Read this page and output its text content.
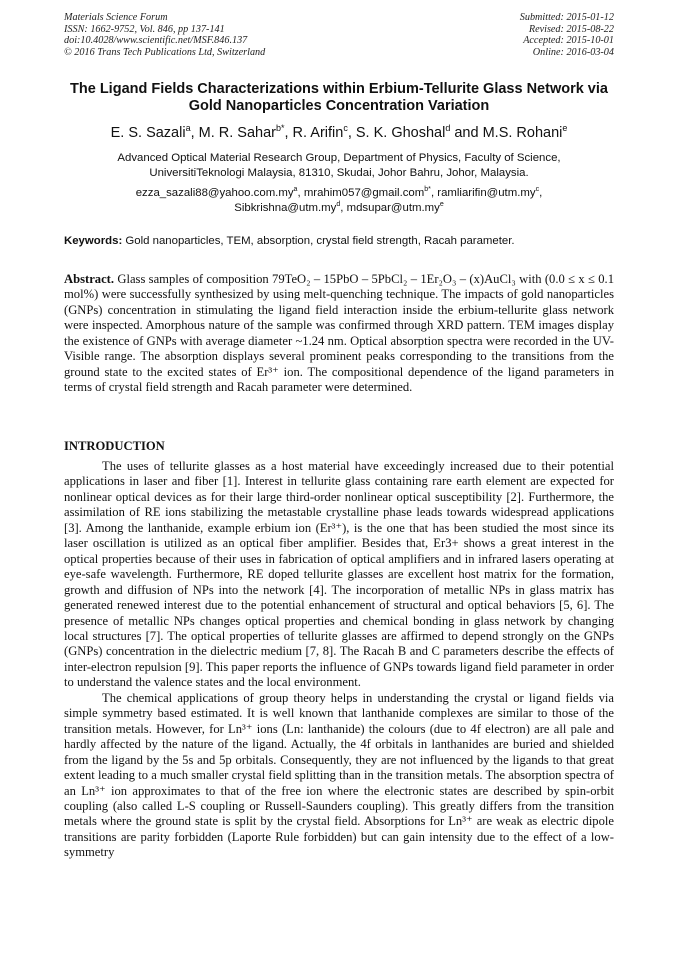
Materials Science Forum
ISSN: 1662-9752, Vol. 846, pp 137-141
doi:10.4028/www.scientific.net/MSF.846.137
© 2016 Trans Tech Publications Ltd, Switzerland
Submitted: 2015-01-12
Revised: 2015-08-22
Accepted: 2015-10-01
Online: 2016-03-04
The Ligand Fields Characterizations within Erbium-Tellurite Glass Network via Gold Nanoparticles Concentration Variation
E. S. Sazali$^a$, M. R. Sahar$^{b*}$, R. Arifin$^c$, S. K. Ghoshal$^d$ and M.S. Rohani$^e$
Advanced Optical Material Research Group, Department of Physics, Faculty of Science,
UniversitiTeknologi Malaysia, 81310, Skudai, Johor Bahru, Johor, Malaysia.
$ezza\_sazali88@yahoo.com.my^a$, mrahim057@gmail.com$^{b*}$, $ramliarifin@utm.my^c$,
$Sibkrishna@utm.my^d$, $mdsupar@utm.my^e$
Keywords: Gold nanoparticles, TEM, absorption, crystal field strength, Racah parameter.
Abstract. Glass samples of composition 79TeO₂ – 15PbO – 5PbCl₂ – 1Er₂O₃ – (x)AuCl₃ with (0.0 ≤ x ≤ 0.1 mol%) were successfully synthesized by using melt-quenching technique. The impacts of gold nanoparticles (GNPs) concentration in stimulating the ligand field interaction inside the erbium-tellurite glass network were inspected. Amorphous nature of the sample was confirmed through XRD pattern. TEM images display the existence of GNPs with average diameter ~1.24 nm. Optical absorption spectra were recorded in the UV-Visible range. The absorption displays several prominent peaks corresponding to the transitions from the ground state to the excited states of Er³⁺ ion. The compositional dependence of the ligand parameters in terms of crystal field strength and Racah parameter were determined.
INTRODUCTION

The uses of tellurite glasses as a host material have exceedingly increased due to their potential applications in laser and fiber [1]. Interest in tellurite glass containing rare earth element are expected for nonlinear optical devices as for their large third-order nonlinear optical susceptibility [2]. Furthermore, the assimilation of RE ions stabilizing the metastable crystalline phase leads towards widespread applications [3]. Among the lanthanide, example erbium ion (Er³⁺), is the one that has been studied the most since its laser oscillation is utilized as an optical fiber amplifier. Besides that, Er3+ shows a great interest in the optical properties because of their uses in fabrication of optical amplifiers and in infrared lasers operating at eye-safe wavelength. Furthermore, RE doped tellurite glasses are excellent host matrix for the formation, growth and diffusion of NPs into the network [4]. The incorporation of metallic NPs in glass matrix has generated renewed interest due to the potential enhancement of structural and optical behaviors [5, 6]. The presence of metallic NPs changes optical properties and chemical bonding in glass network by changing local structures [7]. The optical properties of tellurite glasses are affirmed to depend strongly on the GNPs (GNPs) concentration in the dielectric medium [7, 8]. The Racah B and C parameters describe the effects of inter-electron repulsion [9]. This paper reports the influence of GNPs towards ligand field parameter in order to understand the valence states and the local environment.

The chemical applications of group theory helps in understanding the crystal or ligand fields via simple symmetry based estimated. It is well known that lanthanide complexes are similar to those of the transition metals. However, for Ln³⁺ ions (Ln: lanthanide) the colours (due to 4f electron) are all pale and hardly affected by the nature of the ligand. Actually, the 4f orbitals in lanthanides are buried and shielded from the ligand by the 5s and 5p orbitals. Consequently, they are not influenced by the ligands to that great extent leading to a much smaller crystal field splitting than in the transition metals. The absorption spectra of an Ln³⁺ ion approximates to that of the free ion where the electronic states are described by spin-orbit coupling (also called L-S coupling or Russell-Saunders coupling). This greatly differs from the transition metals where the ground state is split by the crystal field. Absorptions for Ln³⁺ are weak as electric dipole transitions are parity forbidden (Laporte Rule forbidden) but can gain intensity due to the effect of a low-symmetry
